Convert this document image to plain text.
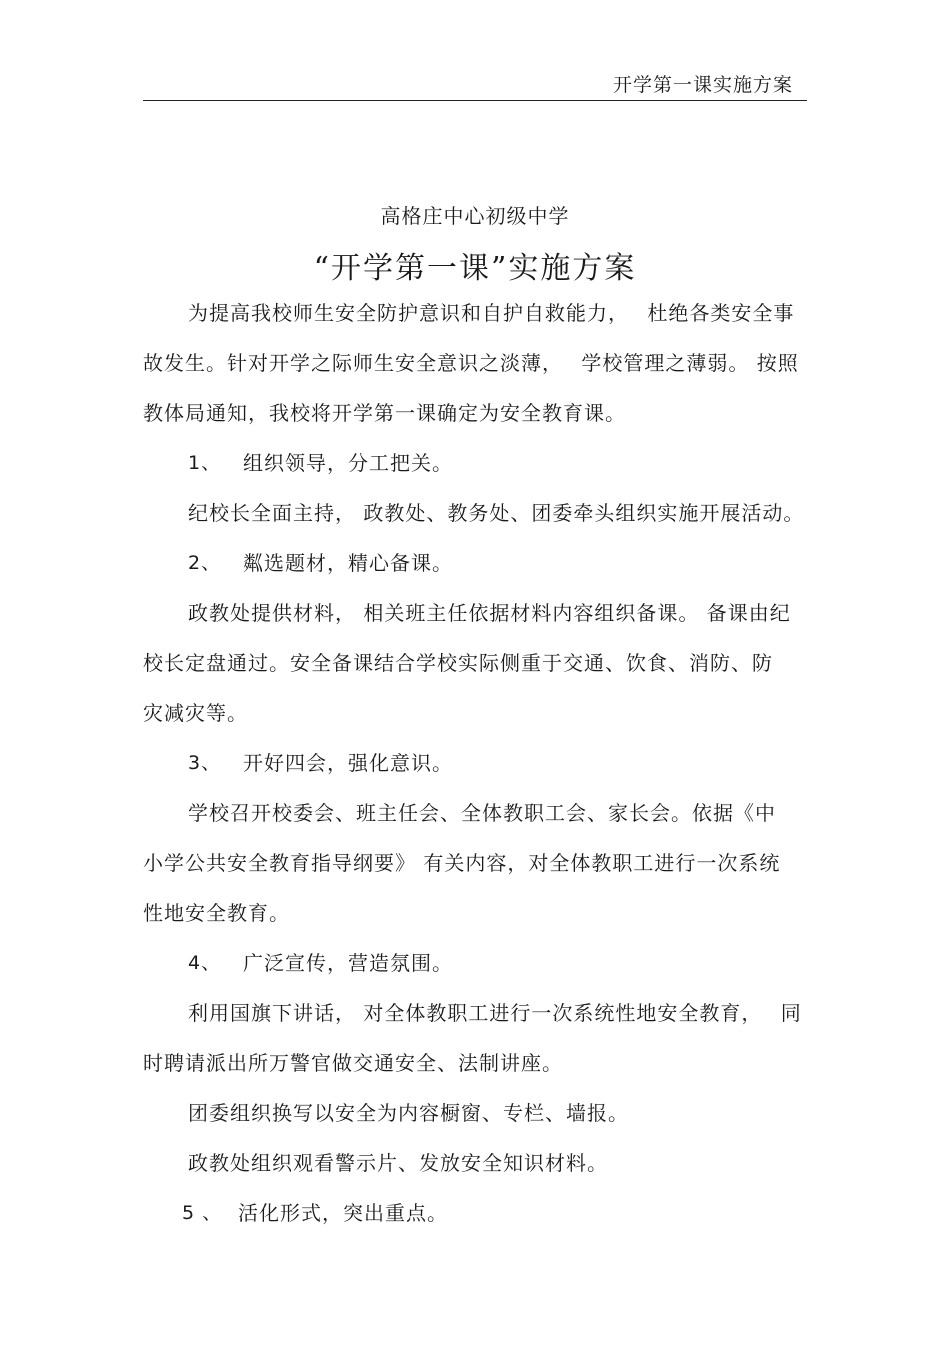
开学第一课实施方案
高格庄中心初级中学
“开学第一课”实施方案
为提高我校师生安全防护意识和自护自救能力，　 杜绝各类安全事
故发生。针对开学之际师生安全意识之淡薄，　 学校管理之薄弱。 按照
教体局通知，我校将开学第一课确定为安全教育课。
1、 组织领导，分工把关。
纪校长全面主持， 政教处、教务处、团委牵头组织实施开展活动。
2、 粼选题材，精心备课。
政教处提供材料， 相关班主任依据材料内容组织备课。 备课由纪
校长定盘通过。安全备课结合学校实际侧重于交通、饮食、消防、防
灾减灾等。
3、 开好四会，强化意识。
学校召开校委会、班主任会、全体教职工会、家长会。依据《中
小学公共安全教育指导纲要》 有关内容，对全体教职工进行一次系统
性地安全教育。
4、 广泛宣传，营造氛围。
利用国旗下讲话， 对全体教职工进行一次系统性地安全教育，　 同
时聘请派出所万警官做交通安全、法制讲座。
团委组织换写以安全为内容橱窗、专栏、墙报。
政教处组织观看警示片、发放安全知识材料。
5 、 活化形式，突出重点。
